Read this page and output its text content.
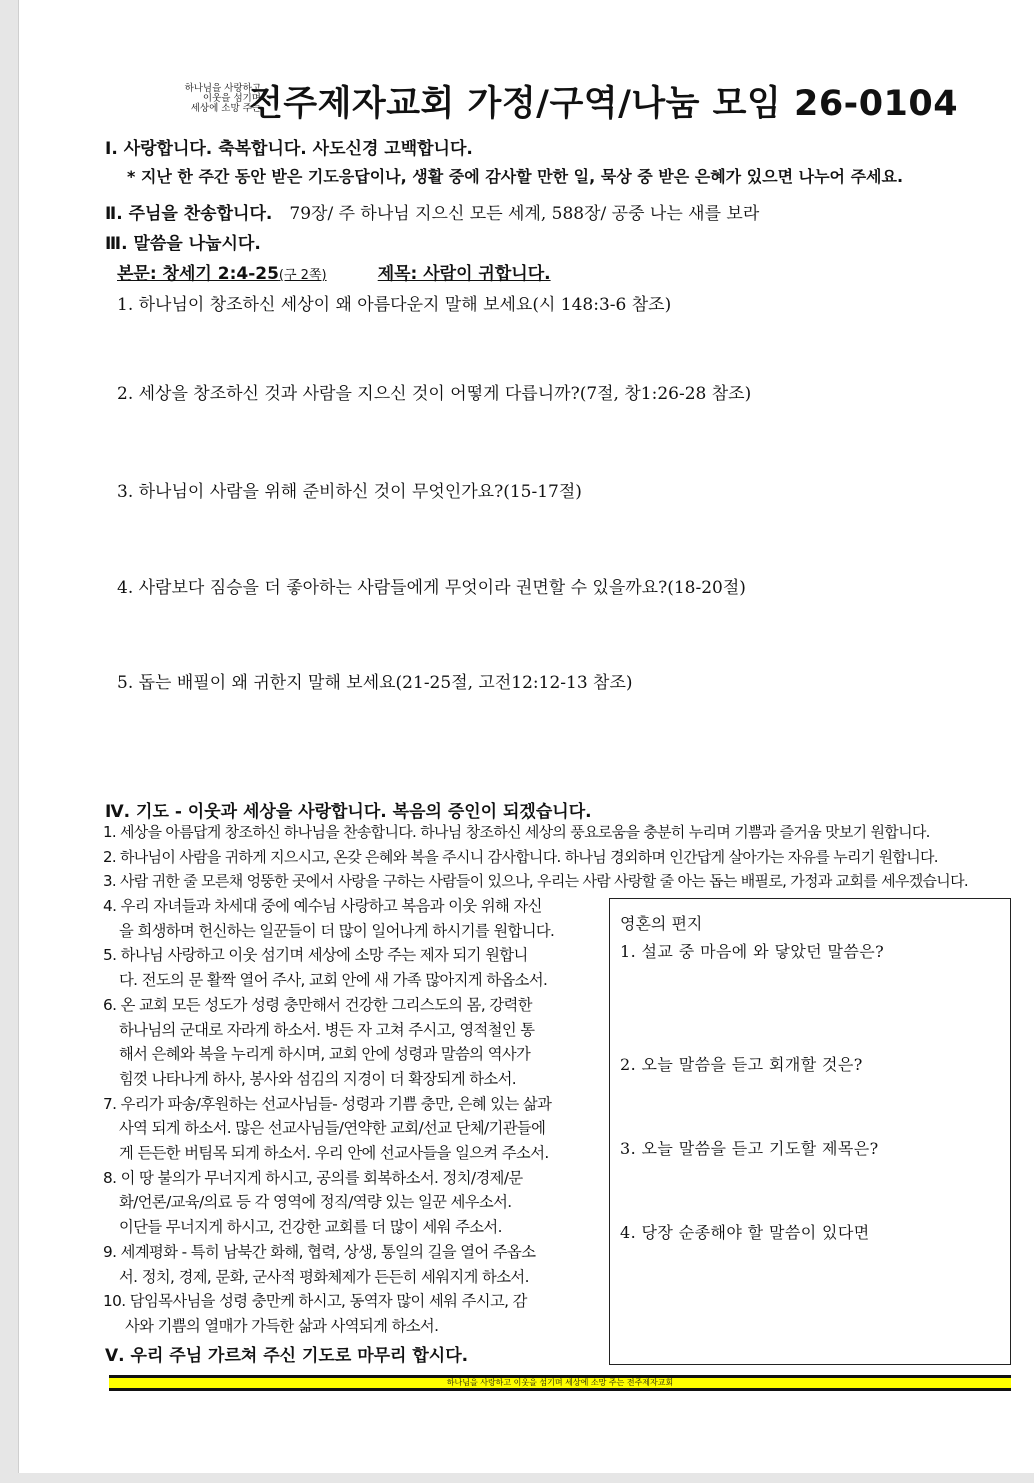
하나님을 사랑하고
이웃을 섬기며
세상에 소망 주는
전주제자교회 가정/구역/나눔 모임 26-0104
Ⅰ. 사랑합니다. 축복합니다. 사도신경 고백합니다.
* 지난 한 주간 동안 받은 기도응답이나, 생활 중에 감사할 만한 일, 묵상 중 받은 은혜가 있으면 나누어 주세요.
Ⅱ. 주님을 찬송합니다. 79장/ 주 하나님 지으신 모든 세계, 588장/ 공중 나는 새를 보라
Ⅲ. 말씀을 나눕시다.
본문: 창세기 2:4-25(구 2쪽)	제목: 사람이 귀합니다.
1. 하나님이 창조하신 세상이 왜 아름다운지 말해 보세요(시 148:3-6 참조)
2. 세상을 창조하신 것과 사람을 지으신 것이 어떻게 다릅니까?(7절, 창1:26-28 참조)
3. 하나님이 사람을 위해 준비하신 것이 무엇인가요?(15-17절)
4. 사람보다 짐승을 더 좋아하는 사람들에게 무엇이라 권면할 수 있을까요?(18-20절)
5. 돕는 배필이 왜 귀한지 말해 보세요(21-25절, 고전12:12-13 참조)
Ⅳ. 기도 - 이웃과 세상을 사랑합니다. 복음의 증인이 되겠습니다.
1. 세상을 아름답게 창조하신 하나님을 찬송합니다. 하나님 창조하신 세상의 풍요로움을 충분히 누리며 기쁨과 즐거움 맛보기 원합니다.
2. 하나님이 사람을 귀하게 지으시고, 온갖 은혜와 복을 주시니 감사합니다. 하나님 경외하며 인간답게 살아가는 자유를 누리기 원합니다.
3. 사람 귀한 줄 모른채 엉뚱한 곳에서 사랑을 구하는 사람들이 있으나, 우리는 사람 사랑할 줄 아는 돕는 배필로, 가정과 교회를 세우겠습니다.
4. 우리 자녀들과 차세대 중에 예수님 사랑하고 복음과 이웃 위해 자신
을 희생하며 헌신하는 일꾼들이 더 많이 일어나게 하시기를 원합니다.
5. 하나님 사랑하고 이웃 섬기며 세상에 소망 주는 제자 되기 원합니
다. 전도의 문 활짝 열어 주사, 교회 안에 새 가족 많아지게 하옵소서.
6. 온 교회 모든 성도가 성령 충만해서 건강한 그리스도의 몸, 강력한
하나님의 군대로 자라게 하소서. 병든 자 고쳐 주시고, 영적철인 통
해서 은혜와 복을 누리게 하시며, 교회 안에 성령과 말씀의 역사가
힘껏 나타나게 하사, 봉사와 섬김의 지경이 더 확장되게 하소서.
7. 우리가 파송/후원하는 선교사님들- 성령과 기쁨 충만, 은혜 있는 삶과
사역 되게 하소서. 많은 선교사님들/연약한 교회/선교 단체/기관들에
게 든든한 버팀목 되게 하소서. 우리 안에 선교사들을 일으켜 주소서.
8. 이 땅 불의가 무너지게 하시고, 공의를 회복하소서. 정치/경제/문
화/언론/교육/의료 등 각 영역에 정직/역량 있는 일꾼 세우소서.
이단들 무너지게 하시고, 건강한 교회를 더 많이 세워 주소서.
9. 세계평화 - 특히 남북간 화해, 협력, 상생, 통일의 길을 열어 주옵소
서. 정치, 경제, 문화, 군사적 평화체제가 든든히 세워지게 하소서.
10. 담임목사님을 성령 충만케 하시고, 동역자 많이 세워 주시고, 감
사와 기쁨의 열매가 가득한 삶과 사역되게 하소서.
Ⅴ. 우리 주님 가르쳐 주신 기도로 마무리 합시다.
영혼의 편지
1. 설교 중 마음에 와 닿았던 말씀은?
2. 오늘 말씀을 듣고 회개할 것은?
3. 오늘 말씀을 듣고 기도할 제목은?
4. 당장 순종해야 할 말씀이 있다면
하나님을 사랑하고 이웃을 섬기며 세상에 소망 주는 전주제자교회
